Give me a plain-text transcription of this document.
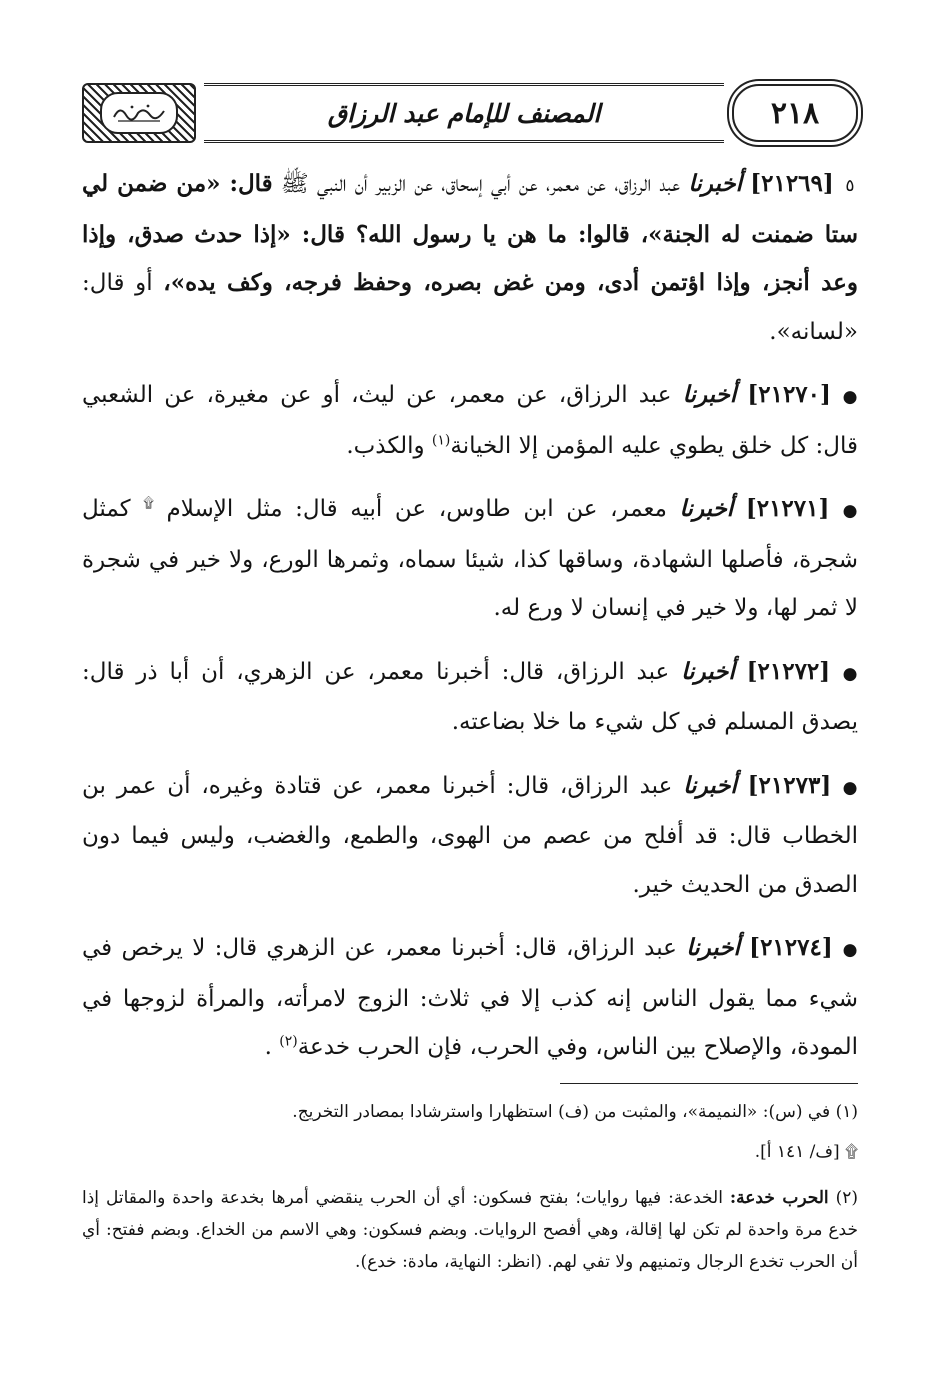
٢١٨
المصنف للإمام عبد الرزاق

٥ [٢١٢٦٩] أخبرنا عبد الرزاق، عن معمر، عن أبي إسحاق، عن الزبير أن النبي ﷺ قال: «من ضمن لي ستا ضمنت له الجنة»، قالوا: ما هن يا رسول الله؟ قال: «إذا حدث صدق، وإذا وعد أنجز، وإذا اؤتمن أدى، ومن غض بصره، وحفظ فرجه، وكف يده»، أو قال: «لسانه».

● [٢١٢٧٠] أخبرنا عبد الرزاق، عن معمر، عن ليث، أو عن مغيرة، عن الشعبي قال: كل خلق يطوي عليه المؤمن إلا الخيانة$^{(١)}$ والكذب.

● [٢١٢٧١] أخبرنا معمر، عن ابن طاوس، عن أبيه قال: مثل الإسلام ۩ كمثل شجرة، فأصلها الشهادة، وساقها كذا، شيئا سماه، وثمرها الورع، ولا خير في شجرة لا ثمر لها، ولا خير في إنسان لا ورع له.

● [٢١٢٧٢] أخبرنا عبد الرزاق، قال: أخبرنا معمر، عن الزهري، أن أبا ذر قال: يصدق المسلم في كل شيء ما خلا بضاعته.

● [٢١٢٧٣] أخبرنا عبد الرزاق، قال: أخبرنا معمر، عن قتادة وغيره، أن عمر بن الخطاب قال: قد أفلح من عصم من الهوى، والطمع، والغضب، وليس فيما دون الصدق من الحديث خير.

● [٢١٢٧٤] أخبرنا عبد الرزاق، قال: أخبرنا معمر، عن الزهري قال: لا يرخص في شيء مما يقول الناس إنه كذب إلا في ثلاث: الزوج لامرأته، والمرأة لزوجها في المودة، والإصلاح بين الناس، وفي الحرب، فإن الحرب خدعة$^{(٢)}$ .

(١) في (س): «النميمة»، والمثبت من (ف) استظهارا واسترشادا بمصادر التخريج.

۩ [ف/ ١٤١ أ].

(٢) الحرب خدعة: الخدعة: فيها روايات؛ بفتح فسكون: أي أن الحرب ينقضي أمرها بخدعة واحدة والمقاتل إذا خدع مرة واحدة لم تكن لها إقالة، وهي أفصح الروايات. وبضم فسكون: وهي الاسم من الخداع. وبضم ففتح: أي أن الحرب تخدع الرجال وتمنيهم ولا تفي لهم. (انظر: النهاية، مادة: خدع).
